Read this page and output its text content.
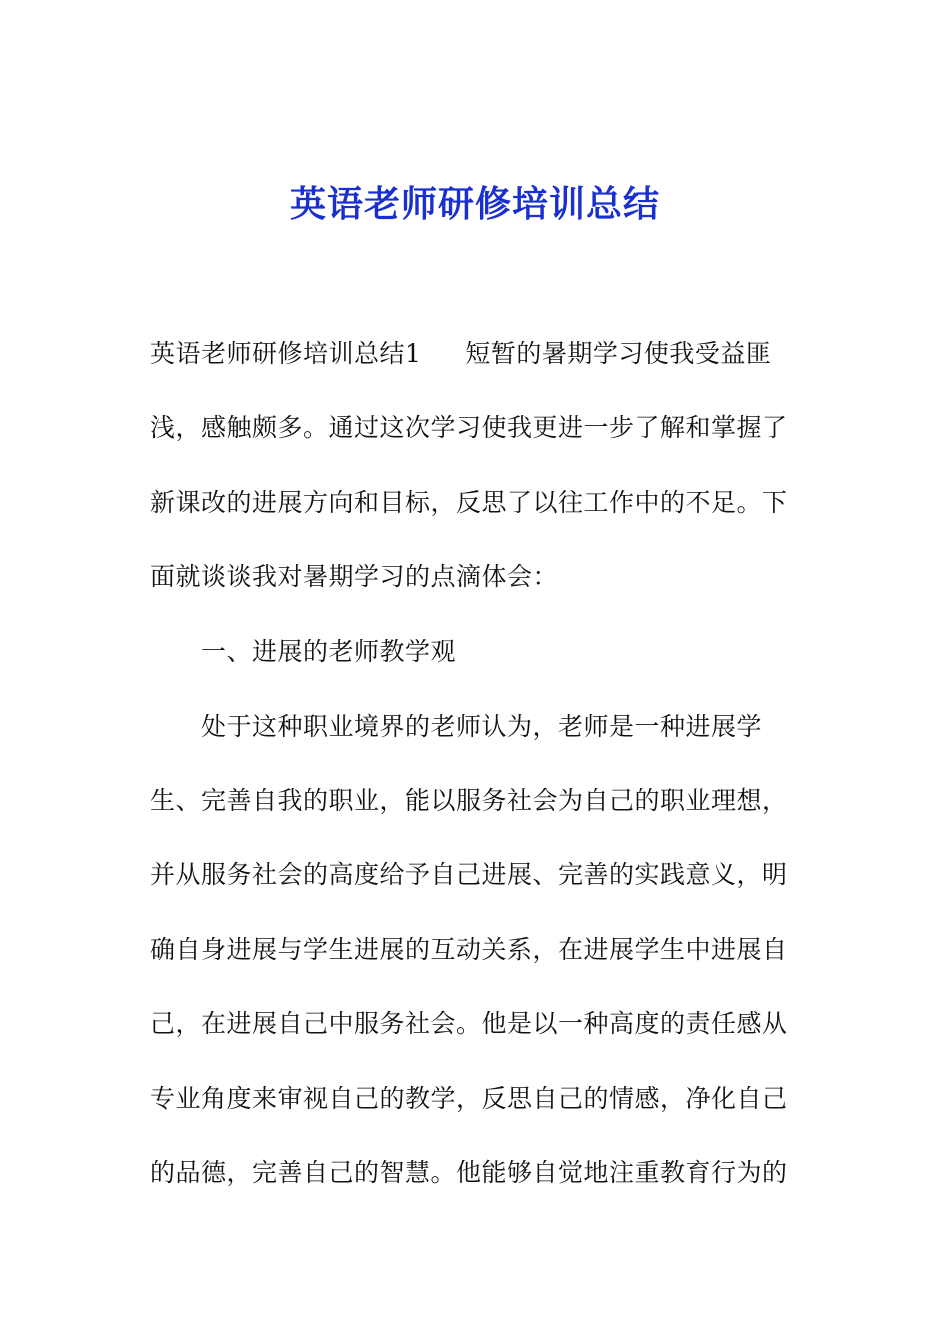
英语老师研修培训总结
英语老师研修培训总结1 短暂的暑期学习使我受益匪
浅，感触颇多。通过这次学习使我更进一步了解和掌握了
新课改的进展方向和目标，反思了以往工作中的不足。下
面就谈谈我对暑期学习的点滴体会：
一、进展的老师教学观
处于这种职业境界的老师认为，老师是一种进展学
生、完善自我的职业，能以服务社会为自己的职业理想，
并从服务社会的高度给予自己进展、完善的实践意义，明
确自身进展与学生进展的互动关系，在进展学生中进展自
己，在进展自己中服务社会。他是以一种高度的责任感从
专业角度来审视自己的教学，反思自己的情感，净化自己
的品德，完善自己的智慧。他能够自觉地注重教育行为的
